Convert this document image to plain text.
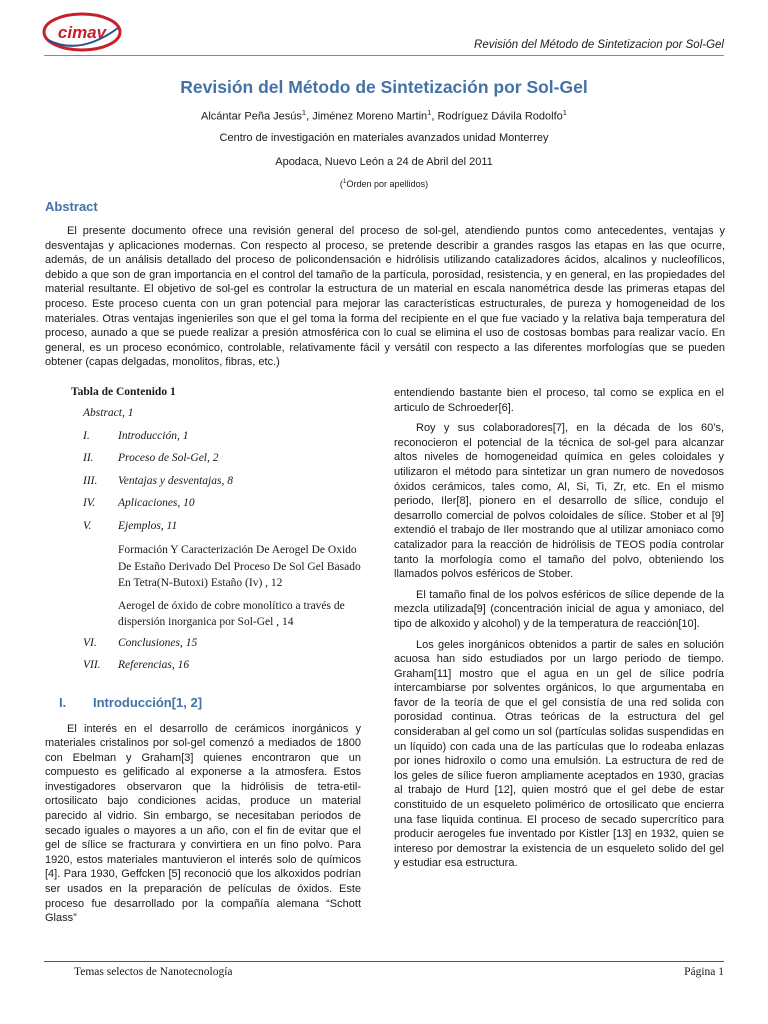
cimav
Revisión del Método de Sintetizacion por Sol-Gel
Revisión del Método de Sintetización por Sol-Gel
Alcántar Peña Jesús$^1$, Jiménez Moreno Martin$^1$, Rodríguez Dávila Rodolfo$^1$
Centro de investigación en materiales avanzados unidad Monterrey
Apodaca, Nuevo León a 24 de Abril del 2011
($^1$Orden por apellidos)
Abstract

El presente documento ofrece una revisión general del proceso de sol-gel, atendiendo puntos como antecedentes, ventajas y desventajas y aplicaciones modernas. Con respecto al proceso, se pretende describir a grandes rasgos las etapas en las que ocurre, además, de un análisis detallado del proceso de policondensación e hidrólisis utilizando catalizadores ácidos, alcalinos y nucleofílicos, debido a que son de gran importancia en el control del tamaño de la partícula, porosidad, resistencia, y en general, en las propiedades del material resultante. El objetivo de sol-gel es controlar la estructura de un material en escala nanométrica desde las primeras etapas del proceso. Este proceso cuenta con un gran potencial para mejorar las características estructurales, de pureza y homogeneidad de los materiales. Otras ventajas ingenieriles son que el gel toma la forma del recipiente en el que fue vaciado y la relativa baja temperatura del proceso, aunado a que se puede realizar a presión atmosférica con lo cual se elimina el uso de costosas bombas para realizar vacío. En general, es un proceso económico, controlable, relativamente fácil y versátil con respecto a las diferentes morfologías que se pueden obtener (capas delgadas, monolitos, fibras, etc.)

Tabla de Contenido 1
Abstract, 1
I.	Introducción, 1
II.	Proceso de Sol-Gel, 2
III.	Ventajas y desventajas, 8
IV.	Aplicaciones, 10
V.	Ejemplos, 11
Formación Y Caracterización De Aerogel De Oxido De Estaño Derivado Del Proceso De Sol Gel Basado En Tetra(N-Butoxi) Estaño (Iv) , 12
Aerogel de óxido de cobre monolítico a través de dispersión inorganica por Sol-Gel , 14
VI.	Conclusiones, 15
VII.	Referencias, 16
I.	Introducción[1, 2]

El interés en el desarrollo de cerámicos inorgánicos y materiales cristalinos por sol-gel comenzó a mediados de 1800 con Ebelman y Graham[3] quienes encontraron que un compuesto es gelificado al exponerse a la atmosfera. Estos investigadores observaron que la hidrólisis de tetra-etil-ortosilicato bajo condiciones acidas, produce un material parecido al vidrio. Sin embargo, se necesitaban periodos de secado iguales o mayores a un año, con el fin de evitar que el gel de sílice se fracturara y convirtiera en un fino polvo. Para 1920, estos materiales mantuvieron el interés solo de químicos [4]. Para 1930, Geffcken [5] reconoció que los alkoxidos podrían ser usados en la preparación de películas de óxidos. Este proceso fue desarrollado por la compañía alemana “Schott Glass”

entendiendo bastante bien el proceso, tal como se explica en el articulo de Schroeder[6].

Roy y sus colaboradores[7], en la década de los 60’s, reconocieron el potencial de la técnica de sol-gel para alcanzar altos niveles de homogeneidad química en geles coloidales y utilizaron el método para sintetizar un gran numero de novedosos óxidos cerámicos, tales como, Al, Si, Ti, Zr, etc. En el mismo periodo, Iler[8], pionero en el desarrollo de sílice, condujo el desarrollo comercial de polvos coloidales de sílice. Stober et al [9] extendió el trabajo de Iler mostrando que al utilizar amoniaco como catalizador para la reacción de hidrólisis de TEOS podía controlar tanto la morfología como el tamaño del polvo, obteniendo los llamados polvos esféricos de Stober.

El tamaño final de los polvos esféricos de sílice depende de la mezcla utilizada[9] (concentración inicial de agua y amoniaco, del tipo de alkoxido y alcohol) y de la temperatura de reacción[10].

Los geles inorgánicos obtenidos a partir de sales en solución acuosa han sido estudiados por un largo periodo de tiempo. Graham[11] mostro que el agua en un gel de sílice podría intercambiarse por solventes orgánicos, lo que argumentaba en favor de la teoría de que el gel consistía de una red solida con porosidad continua. Otras teóricas de la estructura del gel consideraban al gel como un sol (partículas solidas suspendidas en un líquido) con cada una de las partículas que lo rodeaba enlazas por iones hidroxilo o como una emulsión. La estructura de red de los geles de sílice fueron ampliamente aceptados en 1930, gracias al trabajo de Hurd [12], quien mostró que el gel debe de estar constituido de un esqueleto polimérico de ortosilicato que encierra una fase liquida continua. El proceso de secado supercrítico para producir aerogeles fue inventado por Kistler [13] en 1932, quien se intereso por demostrar la existencia de un esqueleto solido del gel y estudiar esa estructura.

Temas selectos de Nanotecnología	Página 1
